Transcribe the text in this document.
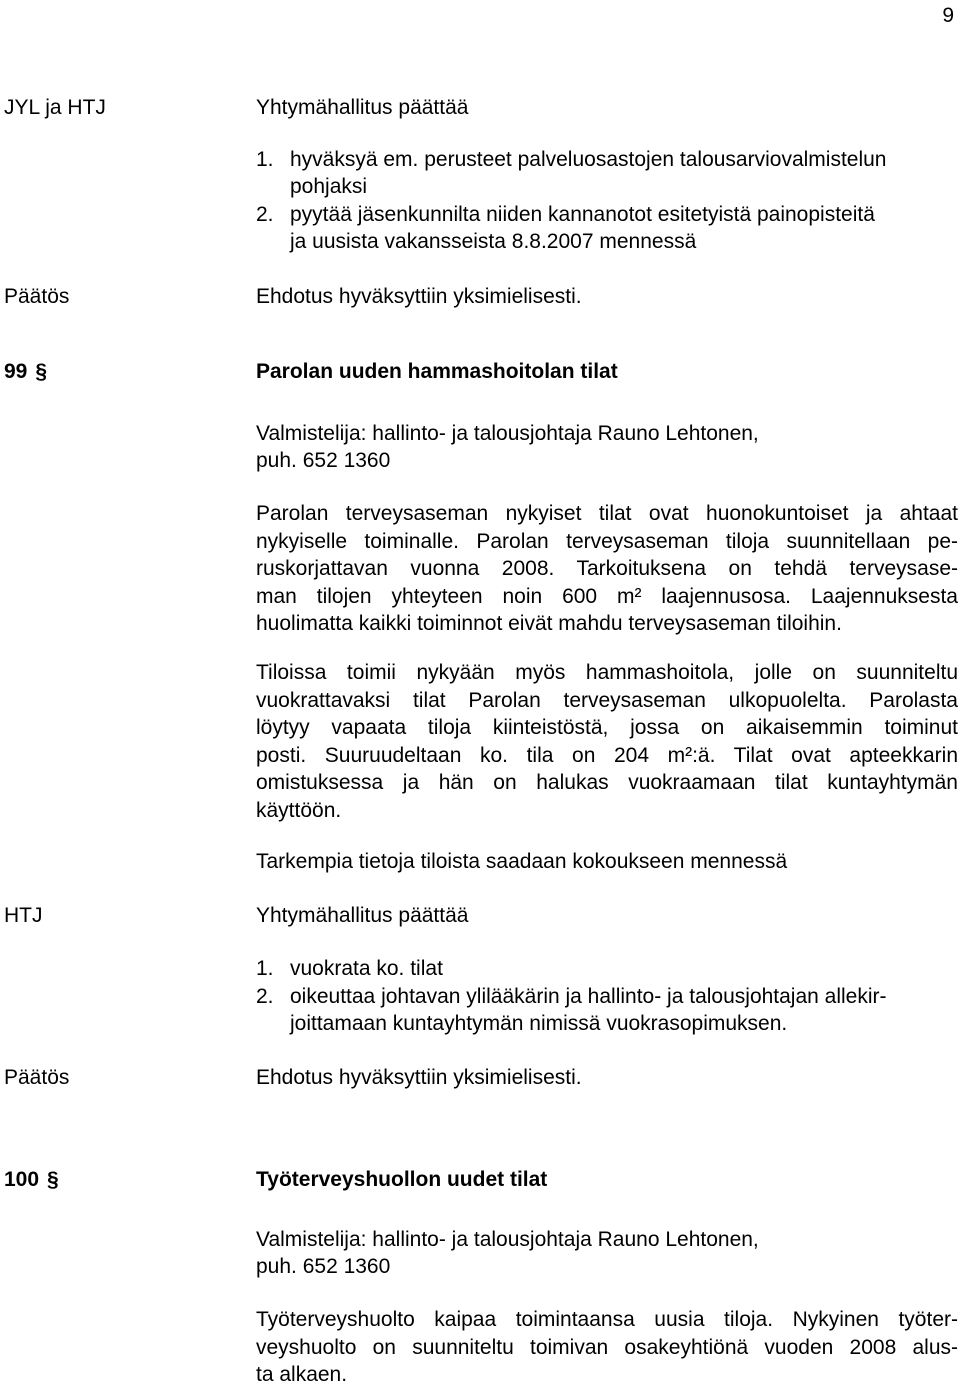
9
JYL ja HTJ	Yhtymähallitus päättää
1. hyväksyä em. perusteet palveluosastojen talousarviovalmistelun
pohjaksi
2. pyytää jäsenkunnilta niiden kannanotot esitetyistä painopisteitä
ja uusista vakansseista 8.8.2007 mennessä
Päätös	Ehdotus hyväksyttiin yksimielisesti.
99 §	Parolan uuden hammashoitolan tilat
Valmistelija: hallinto- ja talousjohtaja Rauno Lehtonen,
puh. 652 1360
Parolan terveysaseman nykyiset tilat ovat huonokuntoiset ja ahtaat
nykyiselle toiminalle. Parolan terveysaseman tiloja suunnitellaan pe-
ruskorjattavan vuonna 2008. Tarkoituksena on tehdä terveysase-
man tilojen yhteyteen noin 600 m² laajennusosa. Laajennuksesta
huolimatta kaikki toiminnot eivät mahdu terveysaseman tiloihin.
Tiloissa toimii nykyään myös hammashoitola, jolle on suunniteltu
vuokrattavaksi tilat Parolan terveysaseman ulkopuolelta. Parolasta
löytyy vapaata tiloja kiinteistöstä, jossa on aikaisemmin toiminut
posti. Suuruudeltaan ko. tila on 204 m²:ä. Tilat ovat apteekkarin
omistuksessa ja hän on halukas vuokraamaan tilat kuntayhtymän
käyttöön.
Tarkempia tietoja tiloista saadaan kokoukseen mennessä
HTJ	Yhtymähallitus päättää
1. vuokrata ko. tilat
2. oikeuttaa johtavan ylilääkärin ja hallinto- ja talousjohtajan allekir-
joittamaan kuntayhtymän nimissä vuokrasopimuksen.
Päätös	Ehdotus hyväksyttiin yksimielisesti.
100 §	Työterveyshuollon uudet tilat
Valmistelija: hallinto- ja talousjohtaja Rauno Lehtonen,
puh. 652 1360
Työterveyshuolto kaipaa toimintaansa uusia tiloja. Nykyinen työter-
veyshuolto on suunniteltu toimivan osakeyhtiönä vuoden 2008 alus-
ta alkaen.
